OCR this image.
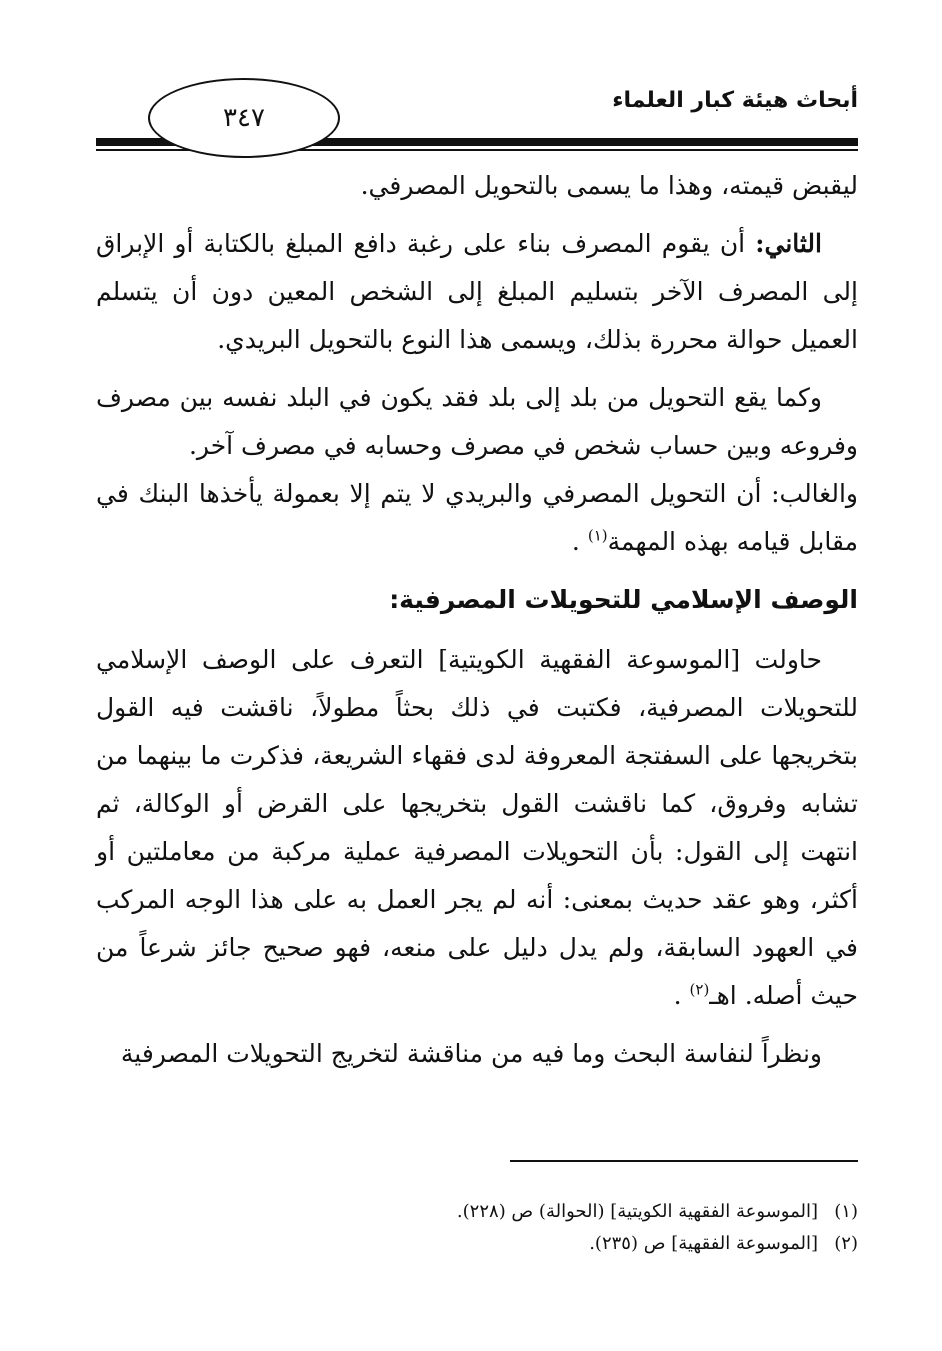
٣٤٧
أبحاث هيئة كبار العلماء

ليقبض قيمته، وهذا ما يسمى بالتحويل المصرفي.

الثاني: أن يقوم المصرف بناء على رغبة دافع المبلغ بالكتابة أو الإبراق إلى المصرف الآخر بتسليم المبلغ إلى الشخص المعين دون أن يتسلم العميل حوالة محررة بذلك، ويسمى هذا النوع بالتحويل البريدي.

وكما يقع التحويل من بلد إلى بلد فقد يكون في البلد نفسه بين مصرف وفروعه وبين حساب شخص في مصرف وحسابه في مصرف آخر.

والغالب: أن التحويل المصرفي والبريدي لا يتم إلا بعمولة يأخذها البنك في مقابل قيامه بهذه المهمة$^{(١)}$ .

الوصف الإسلامي للتحويلات المصرفية:

حاولت [الموسوعة الفقهية الكويتية] التعرف على الوصف الإسلامي للتحويلات المصرفية، فكتبت في ذلك بحثاً مطولاً، ناقشت فيه القول بتخريجها على السفتجة المعروفة لدى فقهاء الشريعة، فذكرت ما بينهما من تشابه وفروق، كما ناقشت القول بتخريجها على القرض أو الوكالة، ثم انتهت إلى القول: بأن التحويلات المصرفية عملية مركبة من معاملتين أو أكثر، وهو عقد حديث بمعنى: أنه لم يجر العمل به على هذا الوجه المركب في العهود السابقة، ولم يدل دليل على منعه، فهو صحيح جائز شرعاً من حيث أصله. اهـ$^{(٢)}$ .

ونظراً لنفاسة البحث وما فيه من مناقشة لتخريج التحويلات المصرفية

(١)[الموسوعة الفقهية الكويتية] (الحوالة) ص (٢٢٨).
(٢)[الموسوعة الفقهية] ص (٢٣٥).
